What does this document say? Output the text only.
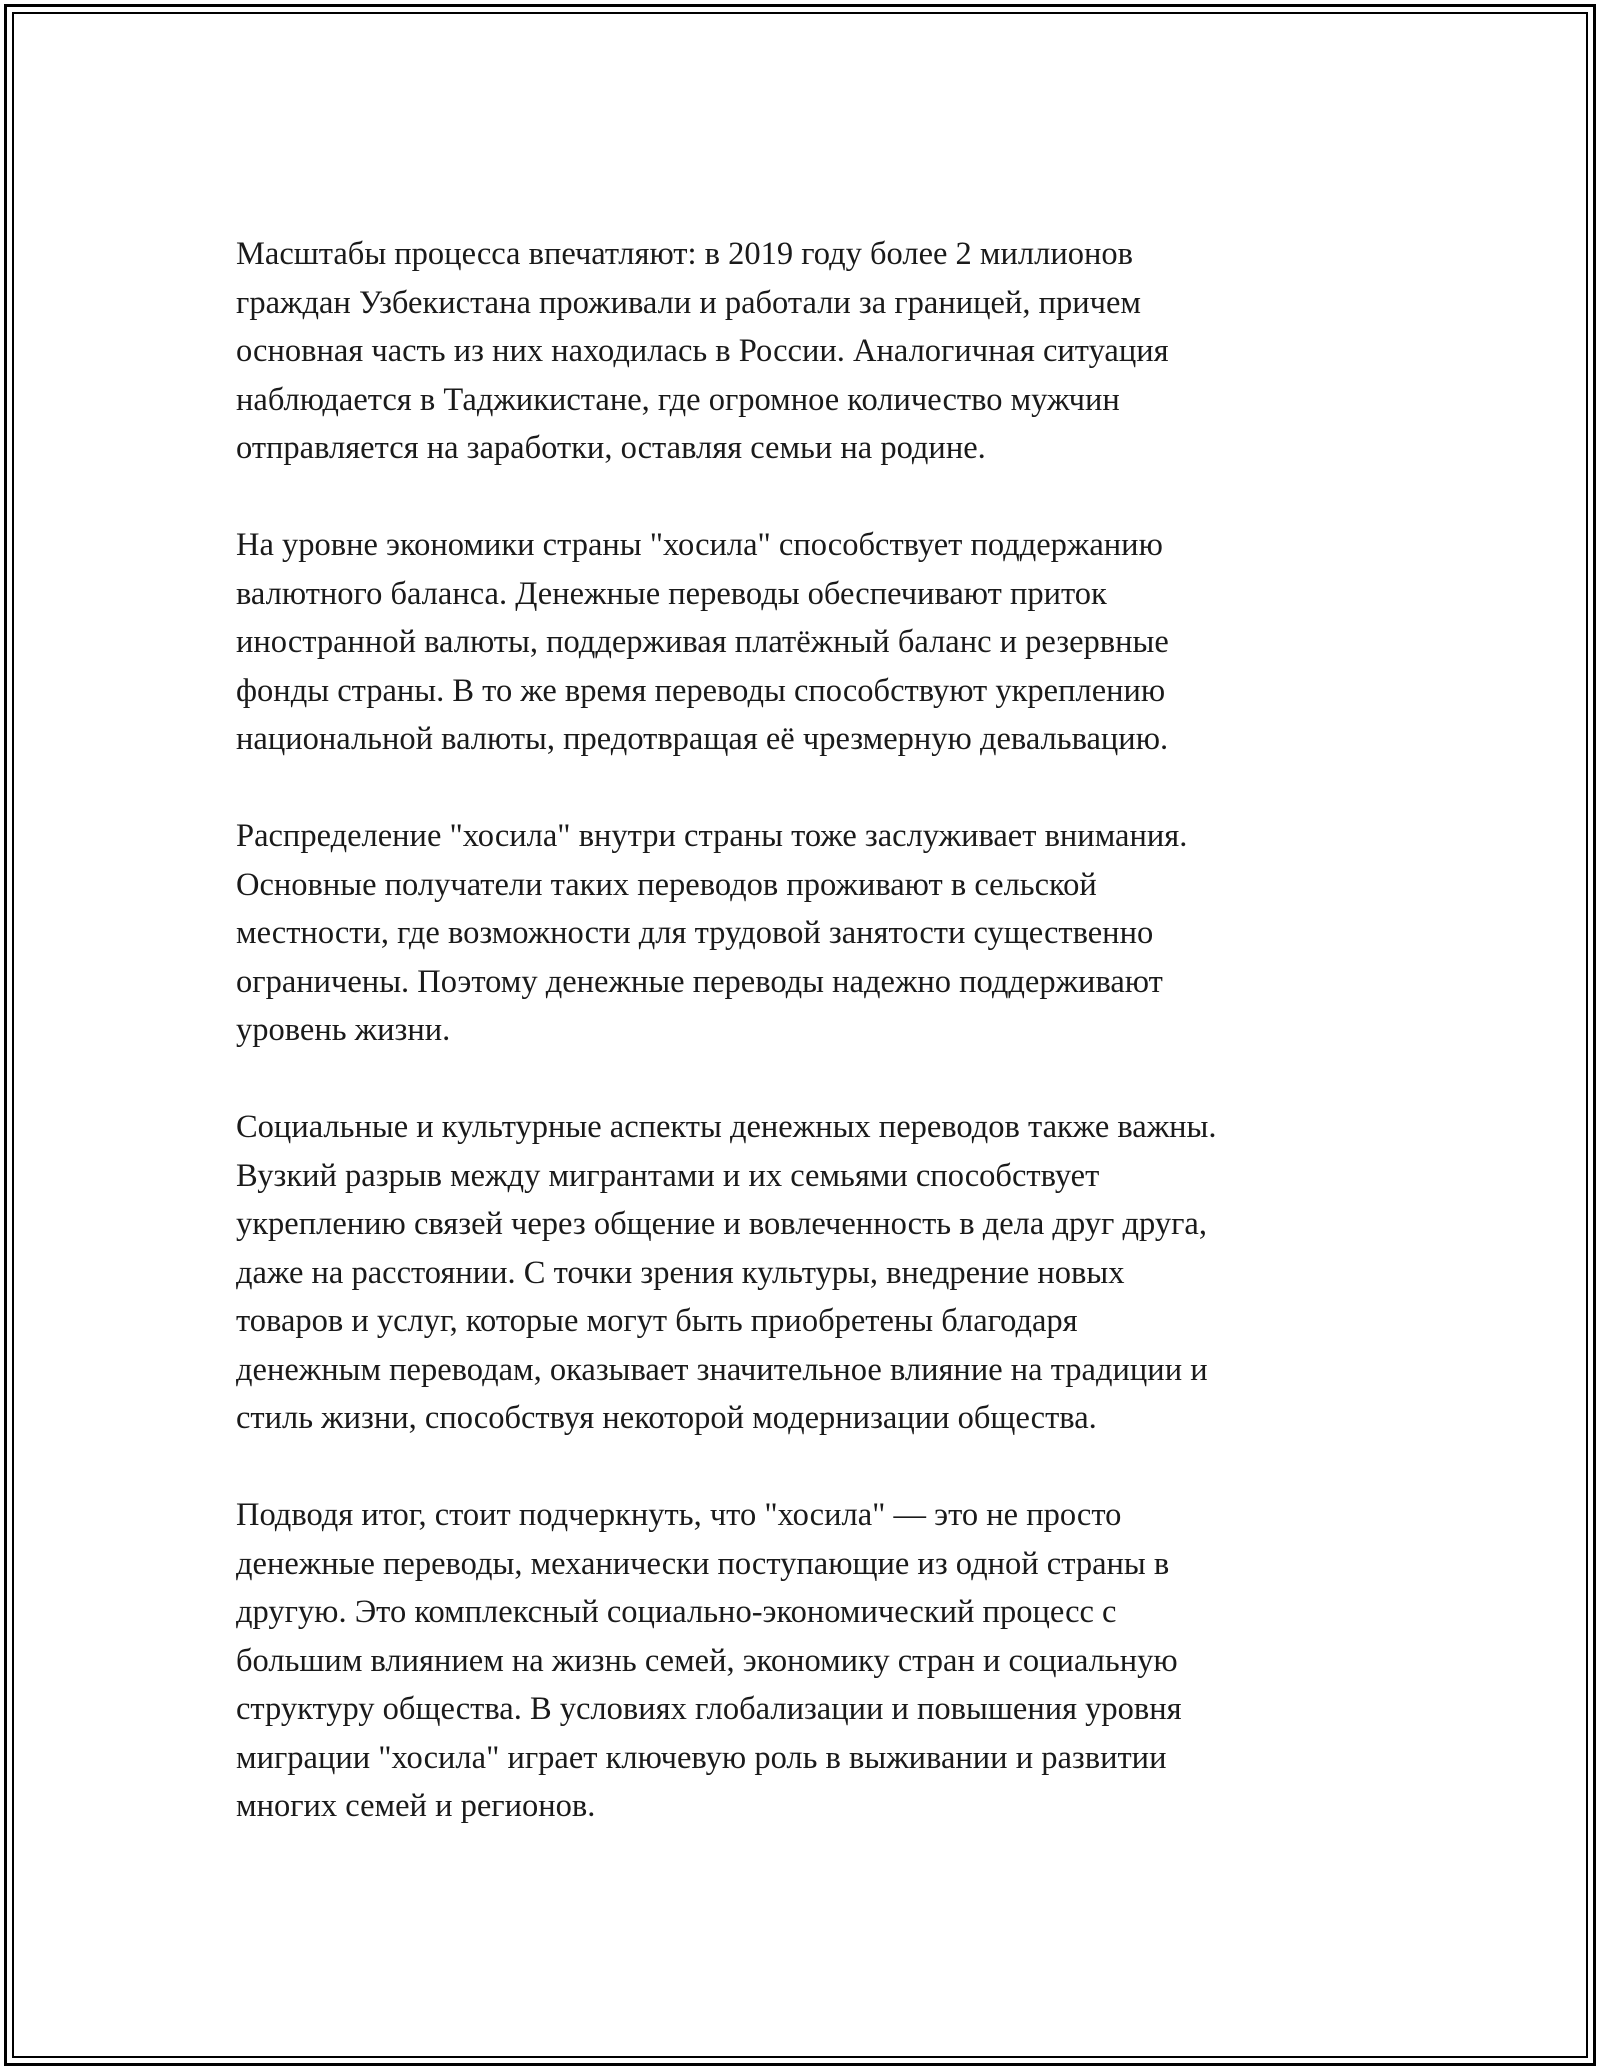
Масштабы процесса впечатляют: в 2019 году более 2 миллионов
граждан Узбекистана проживали и работали за границей, причем
основная часть из них находилась в России. Аналогичная ситуация
наблюдается в Таджикистане, где огромное количество мужчин
отправляется на заработки, оставляя семьи на родине.

На уровне экономики страны "хосила" способствует поддержанию
валютного баланса. Денежные переводы обеспечивают приток
иностранной валюты, поддерживая платёжный баланс и резервные
фонды страны. В то же время переводы способствуют укреплению
национальной валюты, предотвращая её чрезмерную девальвацию.

Распределение "хосила" внутри страны тоже заслуживает внимания.
Основные получатели таких переводов проживают в сельской
местности, где возможности для трудовой занятости существенно
ограничены. Поэтому денежные переводы надежно поддерживают
уровень жизни.

Социальные и культурные аспекты денежных переводов также важны.
Вузкий разрыв между мигрантами и их семьями способствует
укреплению связей через общение и вовлеченность в дела друг друга,
даже на расстоянии. С точки зрения культуры, внедрение новых
товаров и услуг, которые могут быть приобретены благодаря
денежным переводам, оказывает значительное влияние на традиции и
стиль жизни, способствуя некоторой модернизации общества.

Подводя итог, стоит подчеркнуть, что "хосила" — это не просто
денежные переводы, механически поступающие из одной страны в
другую. Это комплексный социально-экономический процесс с
большим влиянием на жизнь семей, экономику стран и социальную
структуру общества. В условиях глобализации и повышения уровня
миграции "хосила" играет ключевую роль в выживании и развитии
многих семей и регионов.
